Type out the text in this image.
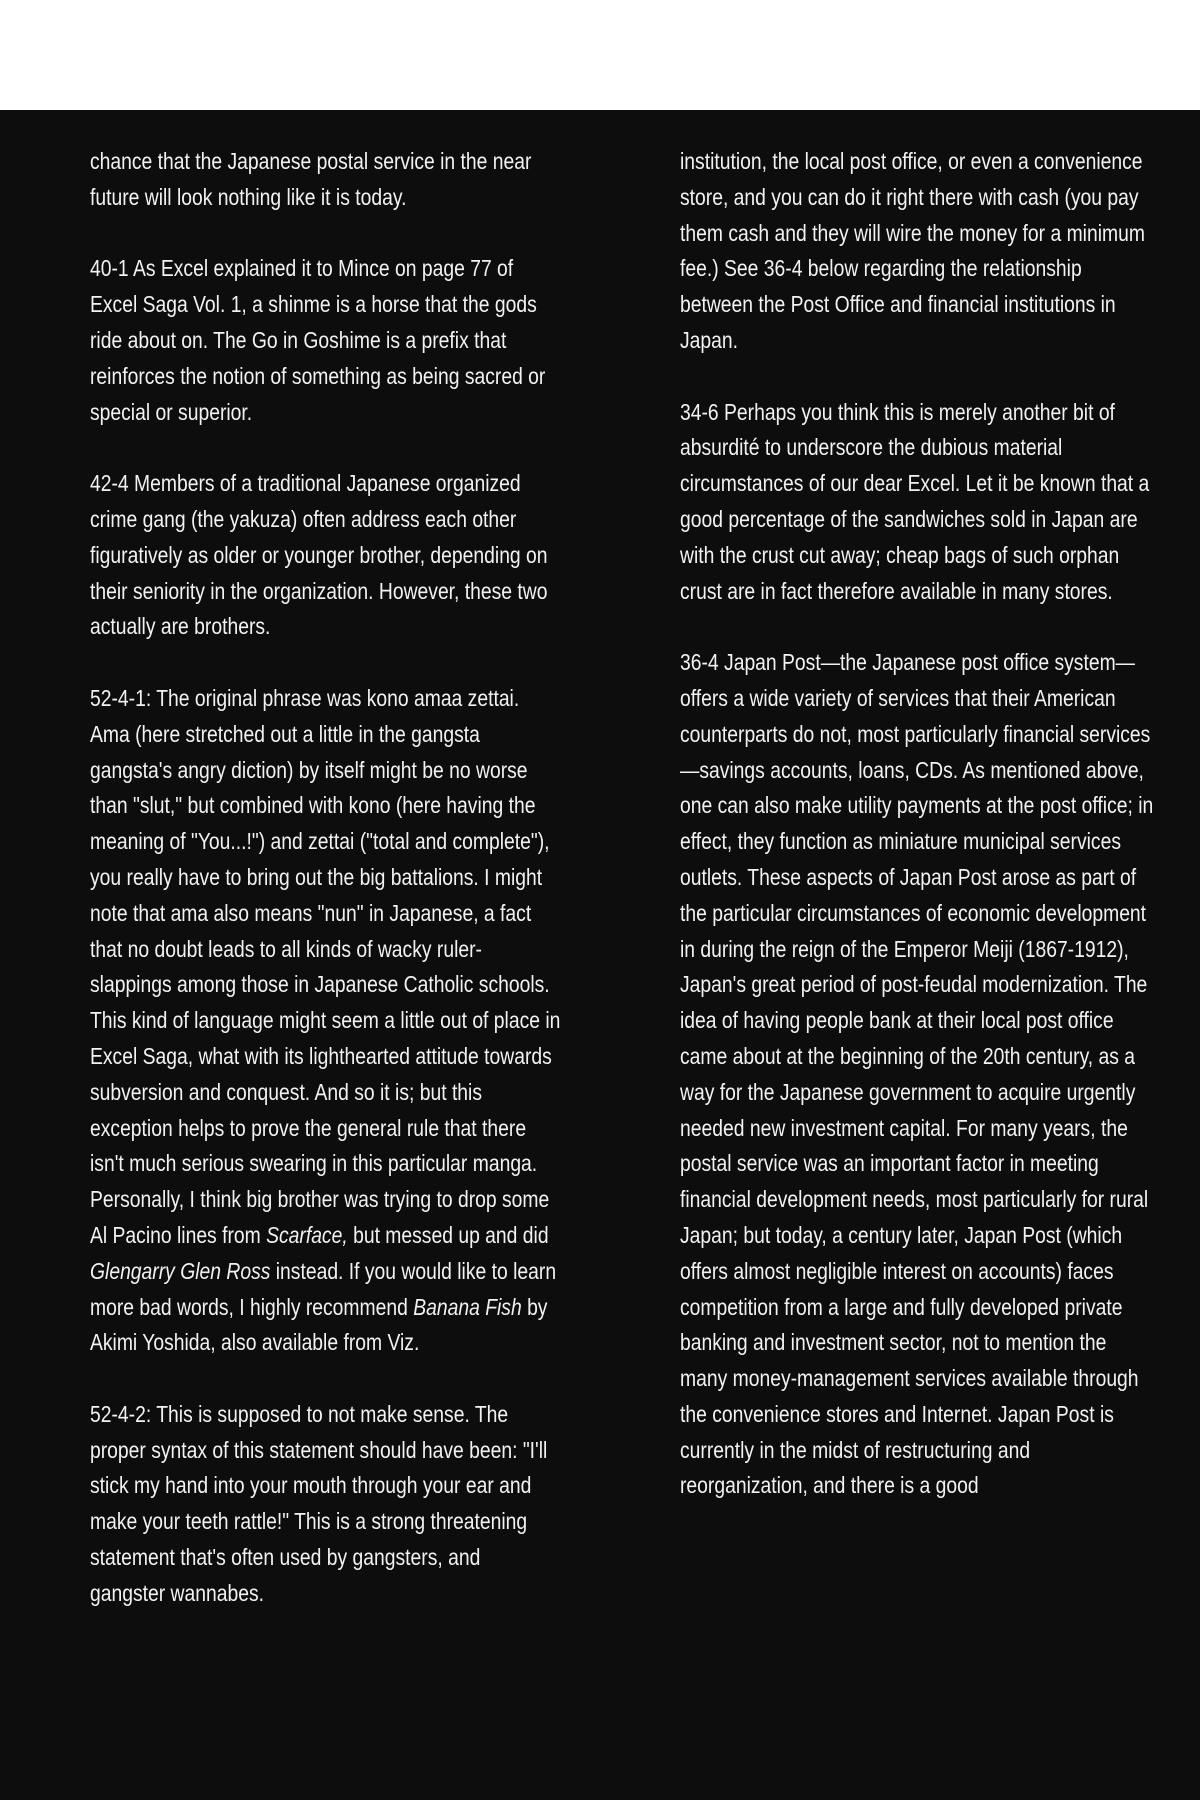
chance that the Japanese postal service in the near future will look nothing like it is today.

40-1 As Excel explained it to Mince on page 77 of Excel Saga Vol. 1, a shinme is a horse that the gods ride about on. The Go in Goshime is a prefix that reinforces the notion of something as being sacred or special or superior.

42-4 Members of a traditional Japanese organized crime gang (the yakuza) often address each other figuratively as older or younger brother, depending on their seniority in the organization. However, these two actually are brothers.

52-4-1: The original phrase was kono amaa zettai. Ama (here stretched out a little in the gangsta gangsta's angry diction) by itself might be no worse than "slut," but combined with kono (here having the meaning of "You...!") and zettai ("total and complete"), you really have to bring out the big battalions. I might note that ama also means "nun" in Japanese, a fact that no doubt leads to all kinds of wacky ruler-slappings among those in Japanese Catholic schools. This kind of language might seem a little out of place in Excel Saga, what with its lighthearted attitude towards subversion and conquest. And so it is; but this exception helps to prove the general rule that there isn't much serious swearing in this particular manga. Personally, I think big brother was trying to drop some Al Pacino lines from Scarface, but messed up and did Glengarry Glen Ross instead. If you would like to learn more bad words, I highly recommend Banana Fish by Akimi Yoshida, also available from Viz.

52-4-2: This is supposed to not make sense. The proper syntax of this statement should have been: "I'll stick my hand into your mouth through your ear and make your teeth rattle!" This is a strong threatening statement that's often used by gangsters, and gangster wannabes.

institution, the local post office, or even a convenience store, and you can do it right there with cash (you pay them cash and they will wire the money for a minimum fee.) See 36-4 below regarding the relationship between the Post Office and financial institutions in Japan.

34-6 Perhaps you think this is merely another bit of absurdité to underscore the dubious material circumstances of our dear Excel. Let it be known that a good percentage of the sandwiches sold in Japan are with the crust cut away; cheap bags of such orphan crust are in fact therefore available in many stores.

36-4 Japan Post—the Japanese post office system—offers a wide variety of services that their American counterparts do not, most particularly financial services—savings accounts, loans, CDs. As mentioned above, one can also make utility payments at the post office; in effect, they function as miniature municipal services outlets. These aspects of Japan Post arose as part of the particular circumstances of economic development in during the reign of the Emperor Meiji (1867-1912), Japan's great period of post-feudal modernization. The idea of having people bank at their local post office came about at the beginning of the 20th century, as a way for the Japanese government to acquire urgently needed new investment capital. For many years, the postal service was an important factor in meeting financial development needs, most particularly for rural Japan; but today, a century later, Japan Post (which offers almost negligible interest on accounts) faces competition from a large and fully developed private banking and investment sector, not to mention the many money-management services available through the convenience stores and Internet. Japan Post is currently in the midst of restructuring and reorganization, and there is a good
